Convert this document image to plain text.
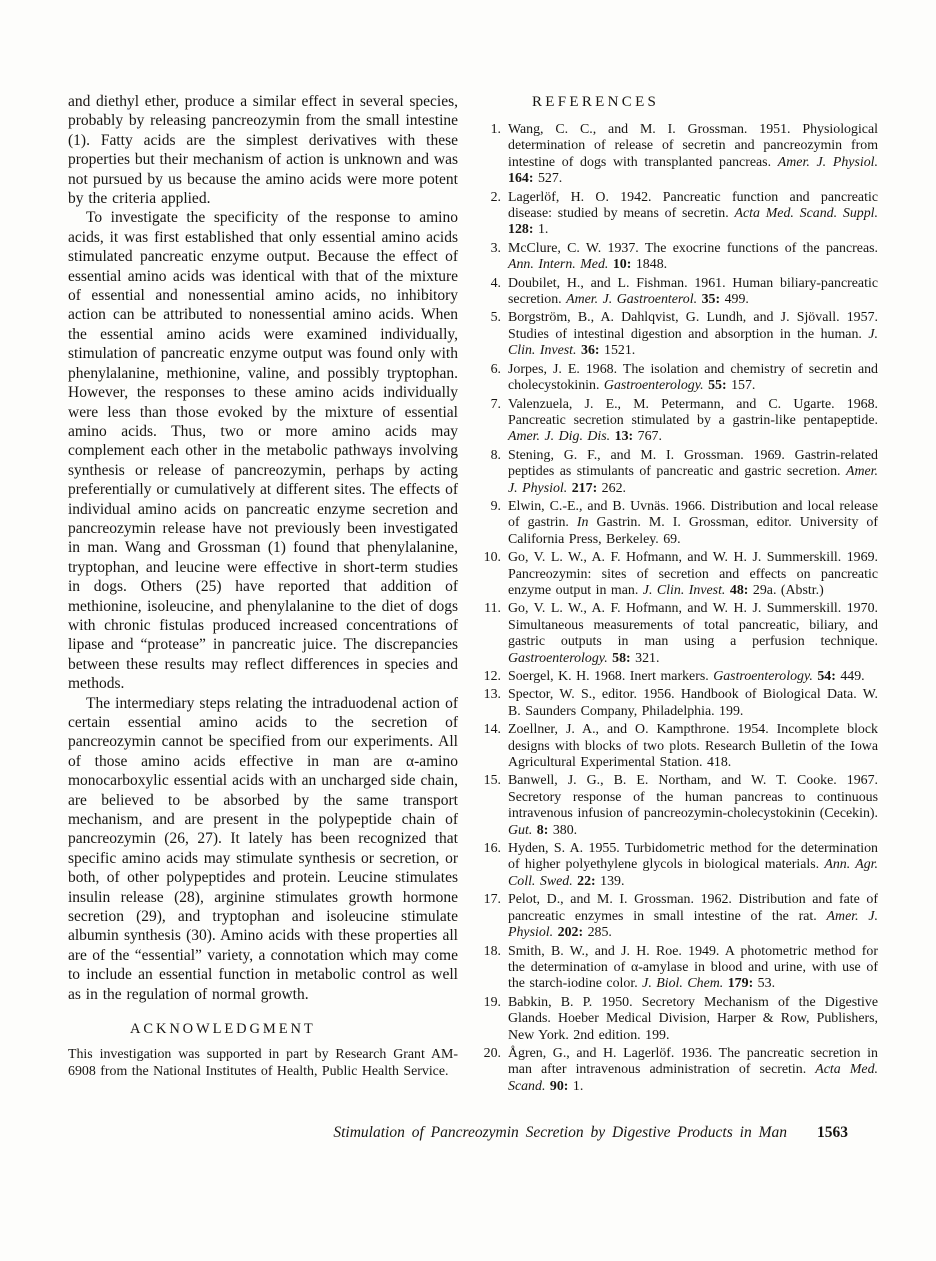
and diethyl ether, produce a similar effect in several species, probably by releasing pancreozymin from the small intestine (1). Fatty acids are the simplest derivatives with these properties but their mechanism of action is unknown and was not pursued by us because the amino acids were more potent by the criteria applied.

To investigate the specificity of the response to amino acids, it was first established that only essential amino acids stimulated pancreatic enzyme output. Because the effect of essential amino acids was identical with that of the mixture of essential and nonessential amino acids, no inhibitory action can be attributed to nonessential amino acids. When the essential amino acids were examined individually, stimulation of pancreatic enzyme output was found only with phenylalanine, methionine, valine, and possibly tryptophan. However, the responses to these amino acids individually were less than those evoked by the mixture of essential amino acids. Thus, two or more amino acids may complement each other in the metabolic pathways involving synthesis or release of pancreozymin, perhaps by acting preferentially or cumulatively at different sites. The effects of individual amino acids on pancreatic enzyme secretion and pancreozymin release have not previously been investigated in man. Wang and Grossman (1) found that phenylalanine, tryptophan, and leucine were effective in short-term studies in dogs. Others (25) have reported that addition of methionine, isoleucine, and phenylalanine to the diet of dogs with chronic fistulas produced increased concentrations of lipase and “protease” in pancreatic juice. The discrepancies between these results may reflect differences in species and methods.

The intermediary steps relating the intraduodenal action of certain essential amino acids to the secretion of pancreozymin cannot be specified from our experiments. All of those amino acids effective in man are α-amino monocarboxylic essential acids with an uncharged side chain, are believed to be absorbed by the same transport mechanism, and are present in the polypeptide chain of pancreozymin (26, 27). It lately has been recognized that specific amino acids may stimulate synthesis or secretion, or both, of other polypeptides and protein. Leucine stimulates insulin release (28), arginine stimulates growth hormone secretion (29), and tryptophan and isoleucine stimulate albumin synthesis (30). Amino acids with these properties all are of the “essential” variety, a connotation which may come to include an essential function in metabolic control as well as in the regulation of normal growth.

ACKNOWLEDGMENT
This investigation was supported in part by Research Grant AM-6908 from the National Institutes of Health, Public Health Service.
REFERENCES
1. Wang, C. C., and M. I. Grossman. 1951. Physiological determination of release of secretin and pancreozymin from intestine of dogs with transplanted pancreas. Amer. J. Physiol. 164: 527.
2. Lagerlöf, H. O. 1942. Pancreatic function and pancreatic disease: studied by means of secretin. Acta Med. Scand. Suppl. 128: 1.
3. McClure, C. W. 1937. The exocrine functions of the pancreas. Ann. Intern. Med. 10: 1848.
4. Doubilet, H., and L. Fishman. 1961. Human biliary-pancreatic secretion. Amer. J. Gastroenterol. 35: 499.
5. Borgström, B., A. Dahlqvist, G. Lundh, and J. Sjövall. 1957. Studies of intestinal digestion and absorption in the human. J. Clin. Invest. 36: 1521.
6. Jorpes, J. E. 1968. The isolation and chemistry of secretin and cholecystokinin. Gastroenterology. 55: 157.
7. Valenzuela, J. E., M. Petermann, and C. Ugarte. 1968. Pancreatic secretion stimulated by a gastrin-like pentapeptide. Amer. J. Dig. Dis. 13: 767.
8. Stening, G. F., and M. I. Grossman. 1969. Gastrin-related peptides as stimulants of pancreatic and gastric secretion. Amer. J. Physiol. 217: 262.
9. Elwin, C.-E., and B. Uvnäs. 1966. Distribution and local release of gastrin. In Gastrin. M. I. Grossman, editor. University of California Press, Berkeley. 69.
10. Go, V. L. W., A. F. Hofmann, and W. H. J. Summerskill. 1969. Pancreozymin: sites of secretion and effects on pancreatic enzyme output in man. J. Clin. Invest. 48: 29a. (Abstr.)
11. Go, V. L. W., A. F. Hofmann, and W. H. J. Summerskill. 1970. Simultaneous measurements of total pancreatic, biliary, and gastric outputs in man using a perfusion technique. Gastroenterology. 58: 321.
12. Soergel, K. H. 1968. Inert markers. Gastroenterology. 54: 449.
13. Spector, W. S., editor. 1956. Handbook of Biological Data. W. B. Saunders Company, Philadelphia. 199.
14. Zoellner, J. A., and O. Kampthrone. 1954. Incomplete block designs with blocks of two plots. Research Bulletin of the Iowa Agricultural Experimental Station. 418.
15. Banwell, J. G., B. E. Northam, and W. T. Cooke. 1967. Secretory response of the human pancreas to continuous intravenous infusion of pancreozymin-cholecystokinin (Cecekin). Gut. 8: 380.
16. Hyden, S. A. 1955. Turbidometric method for the determination of higher polyethylene glycols in biological materials. Ann. Agr. Coll. Swed. 22: 139.
17. Pelot, D., and M. I. Grossman. 1962. Distribution and fate of pancreatic enzymes in small intestine of the rat. Amer. J. Physiol. 202: 285.
18. Smith, B. W., and J. H. Roe. 1949. A photometric method for the determination of α-amylase in blood and urine, with use of the starch-iodine color. J. Biol. Chem. 179: 53.
19. Babkin, B. P. 1950. Secretory Mechanism of the Digestive Glands. Hoeber Medical Division, Harper & Row, Publishers, New York. 2nd edition. 199.
20. Ågren, G., and H. Lagerlöf. 1936. The pancreatic secretion in man after intravenous administration of secretin. Acta Med. Scand. 90: 1.
Stimulation of Pancreozymin Secretion by Digestive Products in Man 1563
